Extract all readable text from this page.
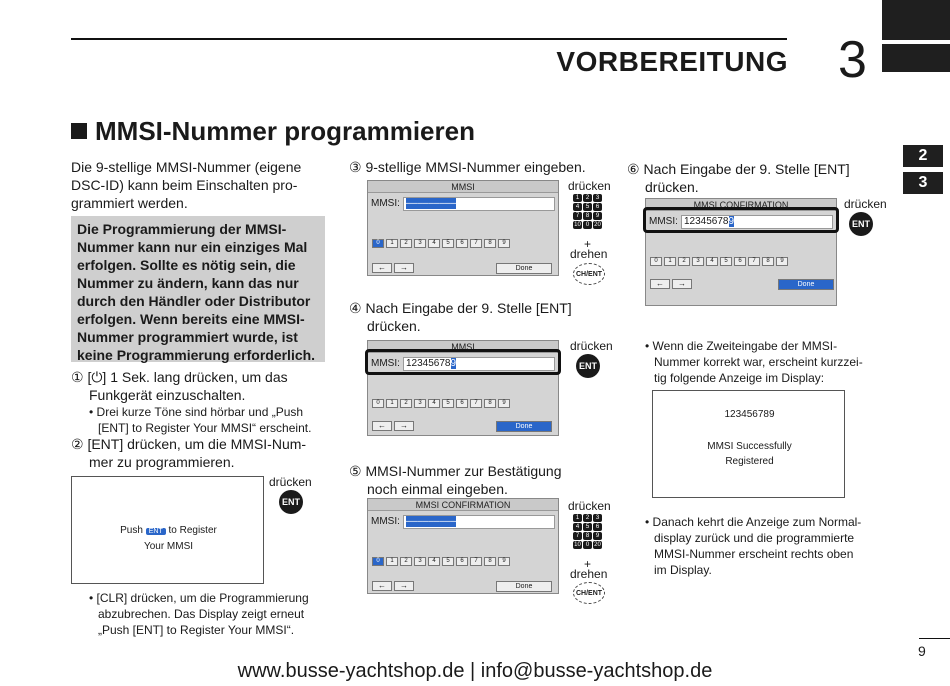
VORBEREITUNG 3
2
3
MMSI-Nummer programmieren
Die 9-stellige MMSI-Nummer (eigene
DSC-ID) kann beim Einschalten pro-
grammiert werden.
Die Programmierung der MMSI-
Nummer kann nur ein einziges Mal
erfolgen. Sollte es nötig sein, die
Nummer zu ändern, kann das nur
durch den Händler oder Distributor
erfolgen. Wenn bereits eine MMSI-
Nummer programmiert wurde, ist
keine Programmierung erforderlich.
① [⏻] 1 Sek. lang drücken, um das
Funkgerät einzuschalten.
• Drei kurze Töne sind hörbar und „Push
[ENT] to Register Your MMSI“ erscheint.
② [ENT] drücken, um die MMSI-Num-
mer zu programmieren.
Push ENT to Register
Your MMSI
drücken
ENT
• [CLR] drücken, um die Programmierung
abzubrechen. Das Display zeigt erneut
„Push [ENT] to Register Your MMSI“.
③ 9-stellige MMSI-Nummer eingeben.
MMSI
MMSI: –––––––––
0	1	2	3	4	5	6	7	8	9
←	→	Done
drücken
1	2	3
4	5	6
7	8	9
10 0 20
+
drehen
CH/ENT
④ Nach Eingabe der 9. Stelle [ENT]
drücken.
MMSI
MMSI: 123456789
0	1	2	3	4	5	6	7	8	9
←	→	Done
drücken
ENT
⑤ MMSI-Nummer zur Bestätigung
noch einmal eingeben.
MMSI CONFIRMATION
MMSI: –––––––––
0	1	2	3	4	5	6	7	8	9
←	→	Done
drücken
1	2	3
4	5	6
7	8	9
10 0 20
+
drehen
CH/ENT
⑥ Nach Eingabe der 9. Stelle [ENT]
drücken.
MMSI CONFIRMATION
MMSI: 123456789
0	1	2	3	4	5	6	7	8	9
←	→	Done
drücken
ENT
• Wenn die Zweiteingabe der MMSI-
Nummer korrekt war, erscheint kurzzei-
tig folgende Anzeige im Display:
123456789
MMSI Successfully
Registered
• Danach kehrt die Anzeige zum Normal-
display zurück und die programmierte
MMSI-Nummer erscheint rechts oben
im Display.
9
www.busse-yachtshop.de | info@busse-yachtshop.de
